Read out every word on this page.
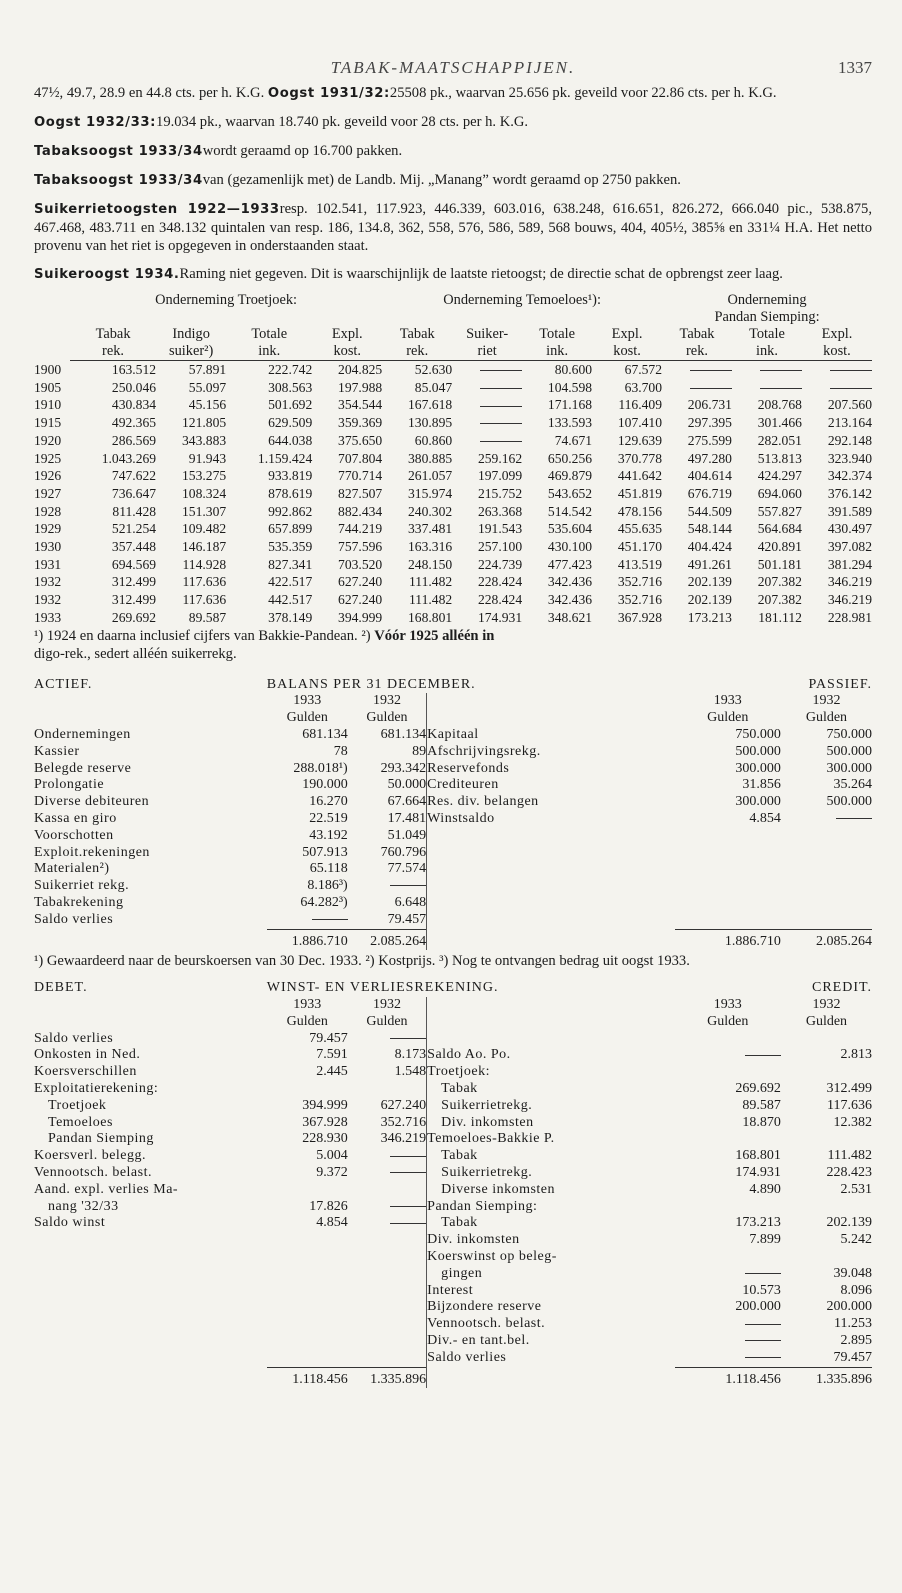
TABAK-MAATSCHAPPIJEN.	1337

47½, 49.7, 28.9 en 44.8 cts. per h. K.G. Oogst 1931/32:25508 pk., waarvan 25.656 pk. geveild voor 22.86 cts. per h. K.G.

Oogst 1932/33:19.034 pk., waarvan 18.740 pk. geveild voor 28 cts. per h. K.G.

Tabaksoogst 1933/34wordt geraamd op 16.700 pakken.

Tabaksoogst 1933/34van (gezamenlijk met) de Landb. Mij. „Manang” wordt geraamd op 2750 pakken.

Suikerrietoogsten 1922—1933resp. 102.541, 117.923, 446.339, 603.016, 638.248, 616.651, 826.272, 666.040 pic., 538.875, 467.468, 483.711 en 348.132 quintalen van resp. 186, 134.8, 362, 558, 576, 586, 589, 568 bouws, 404, 405½, 385⅝ en 331¼ H.A. Het netto provenu van het riet is opgegeven in onderstaanden staat.

Suikeroogst 1934.Raming niet gegeven. Dit is waarschijnlijk de laatste rietoogst; de directie schat de opbrengst zeer laag.

	Onderneming Troetjoek:				Onderneming Temoeloes¹):				Onderneming		
									Pandan Siemping:		
	Tabak	Indigo	Totale	Expl.	Tabak	Suiker-	Totale	Expl.	Tabak	Totale	Expl.
	rek.	suiker²)	ink.	kost.	rek.	riet	ink.	kost.	rek.	ink.	kost.
1900	163.512	57.891	222.742	204.825	52.630		80.600	67.572			
1905	250.046	55.097	308.563	197.988	85.047		104.598	63.700			
1910	430.834	45.156	501.692	354.544	167.618		171.168	116.409	206.731	208.768	207.560
1915	492.365	121.805	629.509	359.369	130.895		133.593	107.410	297.395	301.466	213.164
1920	286.569	343.883	644.038	375.650	60.860		74.671	129.639	275.599	282.051	292.148
1925	1.043.269	91.943	1.159.424	707.804	380.885	259.162	650.256	370.778	497.280	513.813	323.940
1926	747.622	153.275	933.819	770.714	261.057	197.099	469.879	441.642	404.614	424.297	342.374
1927	736.647	108.324	878.619	827.507	315.974	215.752	543.652	451.819	676.719	694.060	376.142
1928	811.428	151.307	992.862	882.434	240.302	263.368	514.542	478.156	544.509	557.827	391.589
1929	521.254	109.482	657.899	744.219	337.481	191.543	535.604	455.635	548.144	564.684	430.497
1930	357.448	146.187	535.359	757.596	163.316	257.100	430.100	451.170	404.424	420.891	397.082
1931	694.569	114.928	827.341	703.520	248.150	224.739	477.423	413.519	491.261	501.181	381.294
1932	312.499	117.636	422.517	627.240	111.482	228.424	342.436	352.716	202.139	207.382	346.219
1932	312.499	117.636	442.517	627.240	111.482	228.424	342.436	352.716	202.139	207.382	346.219
1933	269.692	89.587	378.149	394.999	168.801	174.931	348.621	367.928	173.213	181.112	228.981

¹) 1924 en daarna inclusief cijfers van Bakkie-Pandean. ²) Vóór 1925 alléén in
digo-rek., sedert alléén suikerrekg.

ACTIEF.	BALANS PER 31 DECEMBER.			PASSIEF.	
	1933	1932		1933	1932
	Gulden	Gulden		Gulden	Gulden
Ondernemingen	681.134	681.134	Kapitaal	750.000	750.000
Kassier	78	89	Afschrijvingsrekg.	500.000	500.000
Belegde reserve	288.018¹)	293.342	Reservefonds	300.000	300.000
Prolongatie	190.000	50.000	Crediteuren	31.856	35.264
Diverse debiteuren	16.270	67.664	Res. div. belangen	300.000	500.000
Kassa en giro	22.519	17.481	Winstsaldo	4.854	
Voorschotten	43.192	51.049			
Exploit.rekeningen	507.913	760.796			
Materialen²)	65.118	77.574			
Suikerriet rekg.	8.186³)				
Tabakrekening	64.282³)	6.648			
Saldo verlies		79.457			
	1.886.710	2.085.264		1.886.710	2.085.264

¹) Gewaardeerd naar de beurskoersen van 30 Dec. 1933. ²) Kostprijs. ³) Nog te ontvangen bedrag uit oogst 1933.

DEBET.	WINST- EN VERLIESREKENING.			CREDIT.	
	1933	1932		1933	1932
	Gulden	Gulden		Gulden	Gulden
Saldo verlies	79.457				
Onkosten in Ned.	7.591	8.173	Saldo Ao. Po.		2.813
Koersverschillen	2.445	1.548	Troetjoek:		
Exploitatierekening:			Tabak	269.692	312.499
Troetjoek	394.999	627.240	Suikerrietrekg.	89.587	117.636
Temoeloes	367.928	352.716	Div. inkomsten	18.870	12.382
Pandan Siemping	228.930	346.219	Temoeloes-Bakkie P.		
Koersverl. belegg.	5.004		Tabak	168.801	111.482
Vennootsch. belast.	9.372		Suikerrietrekg.	174.931	228.423
Aand. expl. verlies Ma-			Diverse inkomsten	4.890	2.531
nang '32/33	17.826		Pandan Siemping:		
Saldo winst	4.854		Tabak	173.213	202.139
			Div. inkomsten	7.899	5.242
			Koerswinst op beleg-		
			gingen		39.048
			Interest	10.573	8.096
			Bijzondere reserve	200.000	200.000
			Vennootsch. belast.		11.253
			Div.- en tant.bel.		2.895
			Saldo verlies		79.457
	1.118.456	1.335.896		1.118.456	1.335.896
